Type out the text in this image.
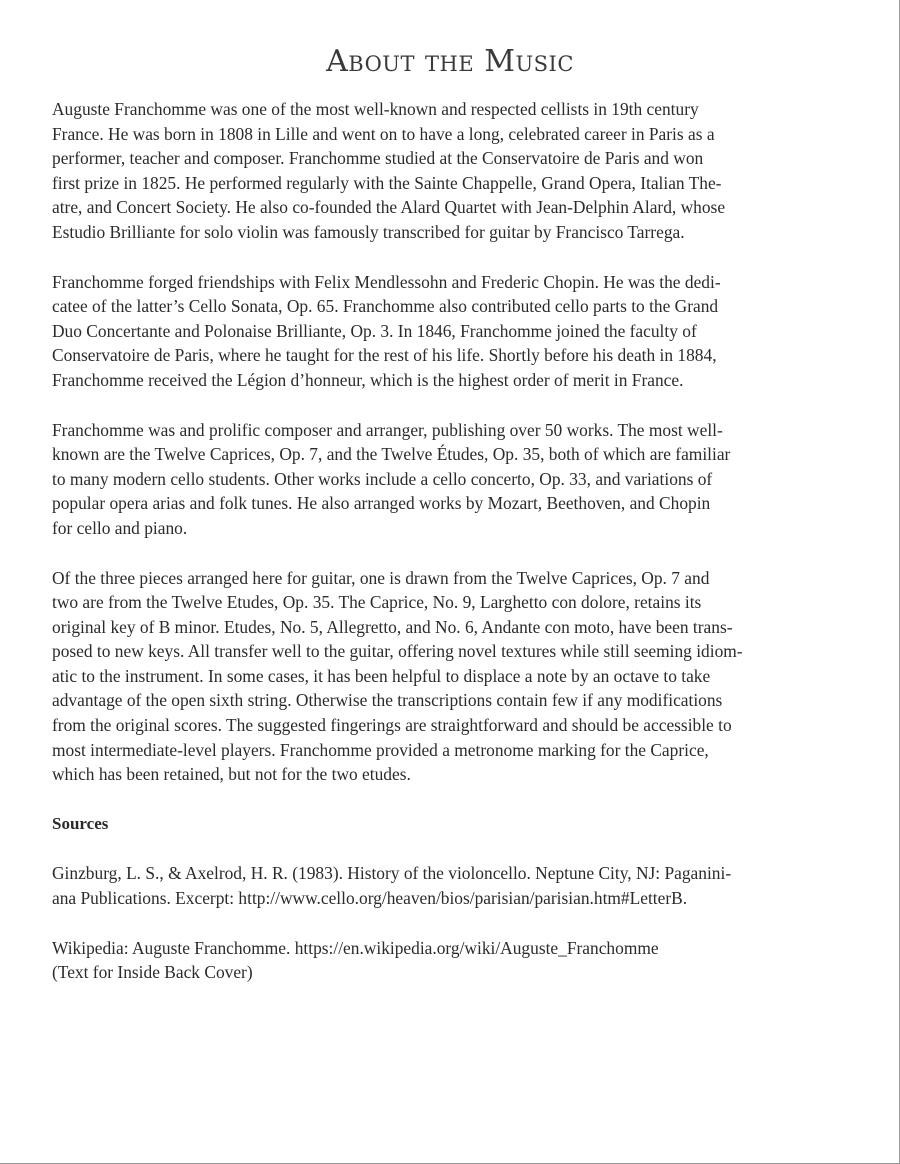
About the Music
Auguste Franchomme was one of the most well-known and respected cellists in 19th century
France. He was born in 1808 in Lille and went on to have a long, celebrated career in Paris as a
performer, teacher and composer. Franchomme studied at the Conservatoire de Paris and won
first prize in 1825. He performed regularly with the Sainte Chappelle, Grand Opera, Italian The-
atre, and Concert Society. He also co-founded the Alard Quartet with Jean-Delphin Alard, whose
Estudio Brilliante for solo violin was famously transcribed for guitar by Francisco Tarrega.
Franchomme forged friendships with Felix Mendlessohn and Frederic Chopin. He was the dedi-
catee of the latter’s Cello Sonata, Op. 65. Franchomme also contributed cello parts to the Grand
Duo Concertante and Polonaise Brilliante, Op. 3. In 1846, Franchomme joined the faculty of
Conservatoire de Paris, where he taught for the rest of his life. Shortly before his death in 1884,
Franchomme received the Légion d’honneur, which is the highest order of merit in France.
Franchomme was and prolific composer and arranger, publishing over 50 works. The most well-
known are the Twelve Caprices, Op. 7, and the Twelve Études, Op. 35, both of which are familiar
to many modern cello students. Other works include a cello concerto, Op. 33, and variations of
popular opera arias and folk tunes. He also arranged works by Mozart, Beethoven, and Chopin
for cello and piano.
Of the three pieces arranged here for guitar, one is drawn from the Twelve Caprices, Op. 7 and
two are from the Twelve Etudes, Op. 35. The Caprice, No. 9, Larghetto con dolore, retains its
original key of B minor. Etudes, No. 5, Allegretto, and No. 6, Andante con moto, have been trans-
posed to new keys. All transfer well to the guitar, offering novel textures while still seeming idiom-
atic to the instrument. In some cases, it has been helpful to displace a note by an octave to take
advantage of the open sixth string. Otherwise the transcriptions contain few if any modifications
from the original scores. The suggested fingerings are straightforward and should be accessible to
most intermediate-level players. Franchomme provided a metronome marking for the Caprice,
which has been retained, but not for the two etudes.
Sources
Ginzburg, L. S., & Axelrod, H. R. (1983). History of the violoncello. Neptune City, NJ: Paganini-
ana Publications. Excerpt: http://www.cello.org/heaven/bios/parisian/parisian.htm#LetterB.
Wikipedia: Auguste Franchomme. https://en.wikipedia.org/wiki/Auguste_Franchomme
(Text for Inside Back Cover)
